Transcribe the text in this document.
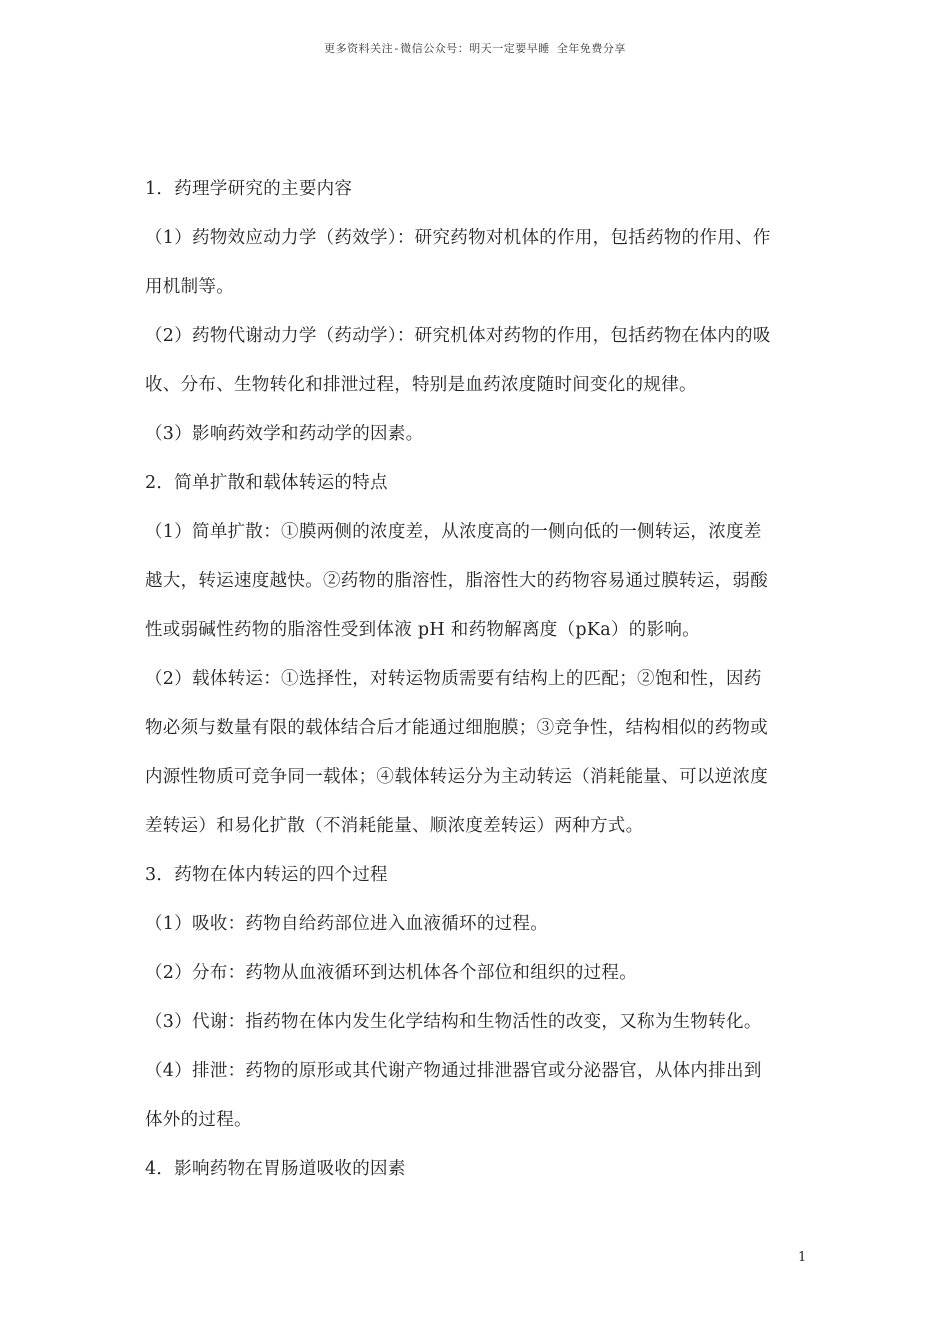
更多资料关注-微信公众号：明天一定要早睡 全年免费分享
1．药理学研究的主要内容
（1）药物效应动力学（药效学）：研究药物对机体的作用，包括药物的作用、作
用机制等。
（2）药物代谢动力学（药动学）：研究机体对药物的作用，包括药物在体内的吸
收、分布、生物转化和排泄过程，特别是血药浓度随时间变化的规律。
（3）影响药效学和药动学的因素。
2．简单扩散和载体转运的特点
（1）简单扩散：①膜两侧的浓度差，从浓度高的一侧向低的一侧转运，浓度差
越大，转运速度越快。②药物的脂溶性，脂溶性大的药物容易通过膜转运，弱酸
性或弱碱性药物的脂溶性受到体液 pH 和药物解离度（pKa）的影响。
（2）载体转运：①选择性，对转运物质需要有结构上的匹配；②饱和性，因药
物必须与数量有限的载体结合后才能通过细胞膜；③竞争性，结构相似的药物或
内源性物质可竞争同一载体；④载体转运分为主动转运（消耗能量、可以逆浓度
差转运）和易化扩散（不消耗能量、顺浓度差转运）两种方式。
3．药物在体内转运的四个过程
（1）吸收：药物自给药部位进入血液循环的过程。
（2）分布：药物从血液循环到达机体各个部位和组织的过程。
（3）代谢：指药物在体内发生化学结构和生物活性的改变，又称为生物转化。
（4）排泄：药物的原形或其代谢产物通过排泄器官或分泌器官，从体内排出到
体外的过程。
4．影响药物在胃肠道吸收的因素
1
